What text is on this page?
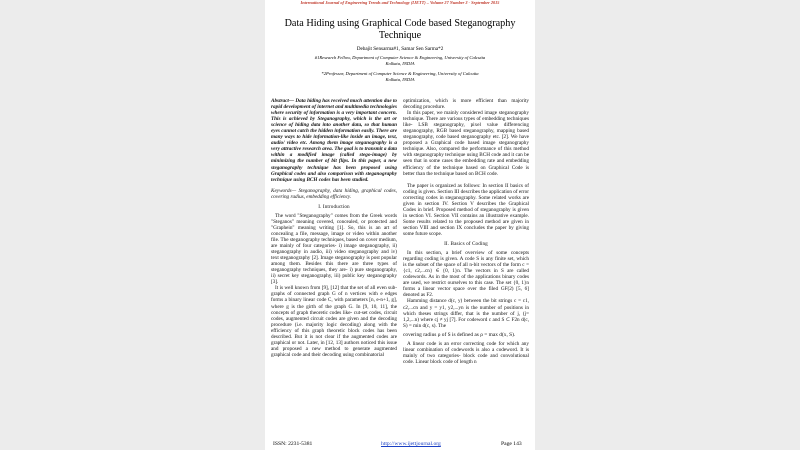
International Journal of Engineering Trends and Technology (IJETT) – Volume 27 Number 3 - September 2015
Data Hiding using Graphical Code based Steganography
Technique
Debajit Sensarma#1, Samar Sen Sarma*2
#1Research Fellow, Department of Computer Science & Engineering, University of Calcutta
Kolkata, INDIA
*2Professor, Department of Computer Science & Engineering, University of Calcutta
Kolkata, INDIA

Abstract— Data hiding has received much attention due to rapid development of internet and multimedia technologies where security of information is a very important concern. This is achieved by Steganography, which is the art or science of hiding data into another data, so that human eyes cannot catch the hidden information easily. There are many ways to hide information-like inside an image, text, audio/ video etc. Among them image steganography is a very attractive research area. The goal is to transmit a data within a modified image (called stego-image) by minimizing the number of bit flips. In this paper, a new steganography technique has been proposed using Graphical codes and also comparison with steganography technique using BCH codes has been studied.

Keywords— Steganography, data hiding, graphical codes, covering radius, embedding efficiency.

I. Introduction

The word "Steganography" comes from the Greek words "Steganos" meaning covered, concealed, or protected and "Graphein" meaning writing [1]. So, this is an art of concealing a file, message, image or video within another file. The steganography techniques, based on cover medium, are mainly of four categories- i) image steganography, ii) steganography in audio, iii) video steganography and iv) text steganography [2]. Image steganography is post popular among them. Besides this there are three types of steganography techniques, they are- i) pure steganography, ii) secret key steganography, iii) public key steganography [3].

It is well known from [9], [12] that the set of all even sub-graphs of connected graph G of n vertices with e edges forms a binary linear code C, with parameters [n, e-n+1, g], where g is the girth of the graph G. In [9, 10, 11], the concepts of graph theoretic codes like- cut-set codes, circuit codes, augmented circuit codes are given and the decoding procedure (i.e. majority logic decoding) along with the efficiency of this graph theoretic block codes has been described. But it is not clear if the augmented codes are graphical or not. Later, in [12, 13] authors noticed this issue and proposed a new method to generate augmented graphical code and their decoding using combinatorial

optimization, which is more efficient than majority decoding procedure.

In this paper, we mainly considered image steganography technique. There are various types of embedding techniques like- LSB steganography, pixel value differencing steganography, RGB based steganography, mapping based steganography, code based steganography etc. [2]. We have proposed a Graphical code based image steganography technique. Also, compared the performance of this method with steganography technique using BCH code and it can be seen that in some cases the embedding rate and embedding efficiency of the technique based on Graphical Code is better than the technique based on BCH code.

The paper is organized as follows: In section II basics of coding is given. Section III describes the application of error correcting codes in steganography. Some related works are given in section IV. Section V describes the Graphical Codes in brief. Proposed method of steganography is given in section VI. Section VII contains an illustrative example. Some results related to the proposed method are given in section VIII and section IX concludes the paper by giving some future scope.

II. Basics of Coding

In this section, a brief overview of some concepts regarding coding is given. A code S is any finite set, which is the subset of the space of all n-bit vectors of the form c = {c1, c2,...cn} ∈ {0, 1}n. The vectors in S are called codewords. As in the most of the applications binary codes are used, we restrict ourselves to this case. The set {0, 1}n forms a linear vector space over the filed GF(2) [5, 6] denoted as F2.

Hamming distance d(c, y) between the bit strings c = c1, c2,...cn and y = y1, y2,...yn is the number of positions in which theses strings differ, that is the number of j, (j= 1,2,...n) where cj ≠ yj [7]. For codeword c and S ⊂ F2n d(c, S) = min d(c, s). The

covering radius ρ of S is defined as ρ = max d(x, S).

A linear code is an error correcting code for which any linear combination of codewords is also a codeword. It is mainly of two categories- block code and convolutional code. Linear block code of length n

ISSN: 2231-5381	http://www.ijettjournal.org	Page 143
